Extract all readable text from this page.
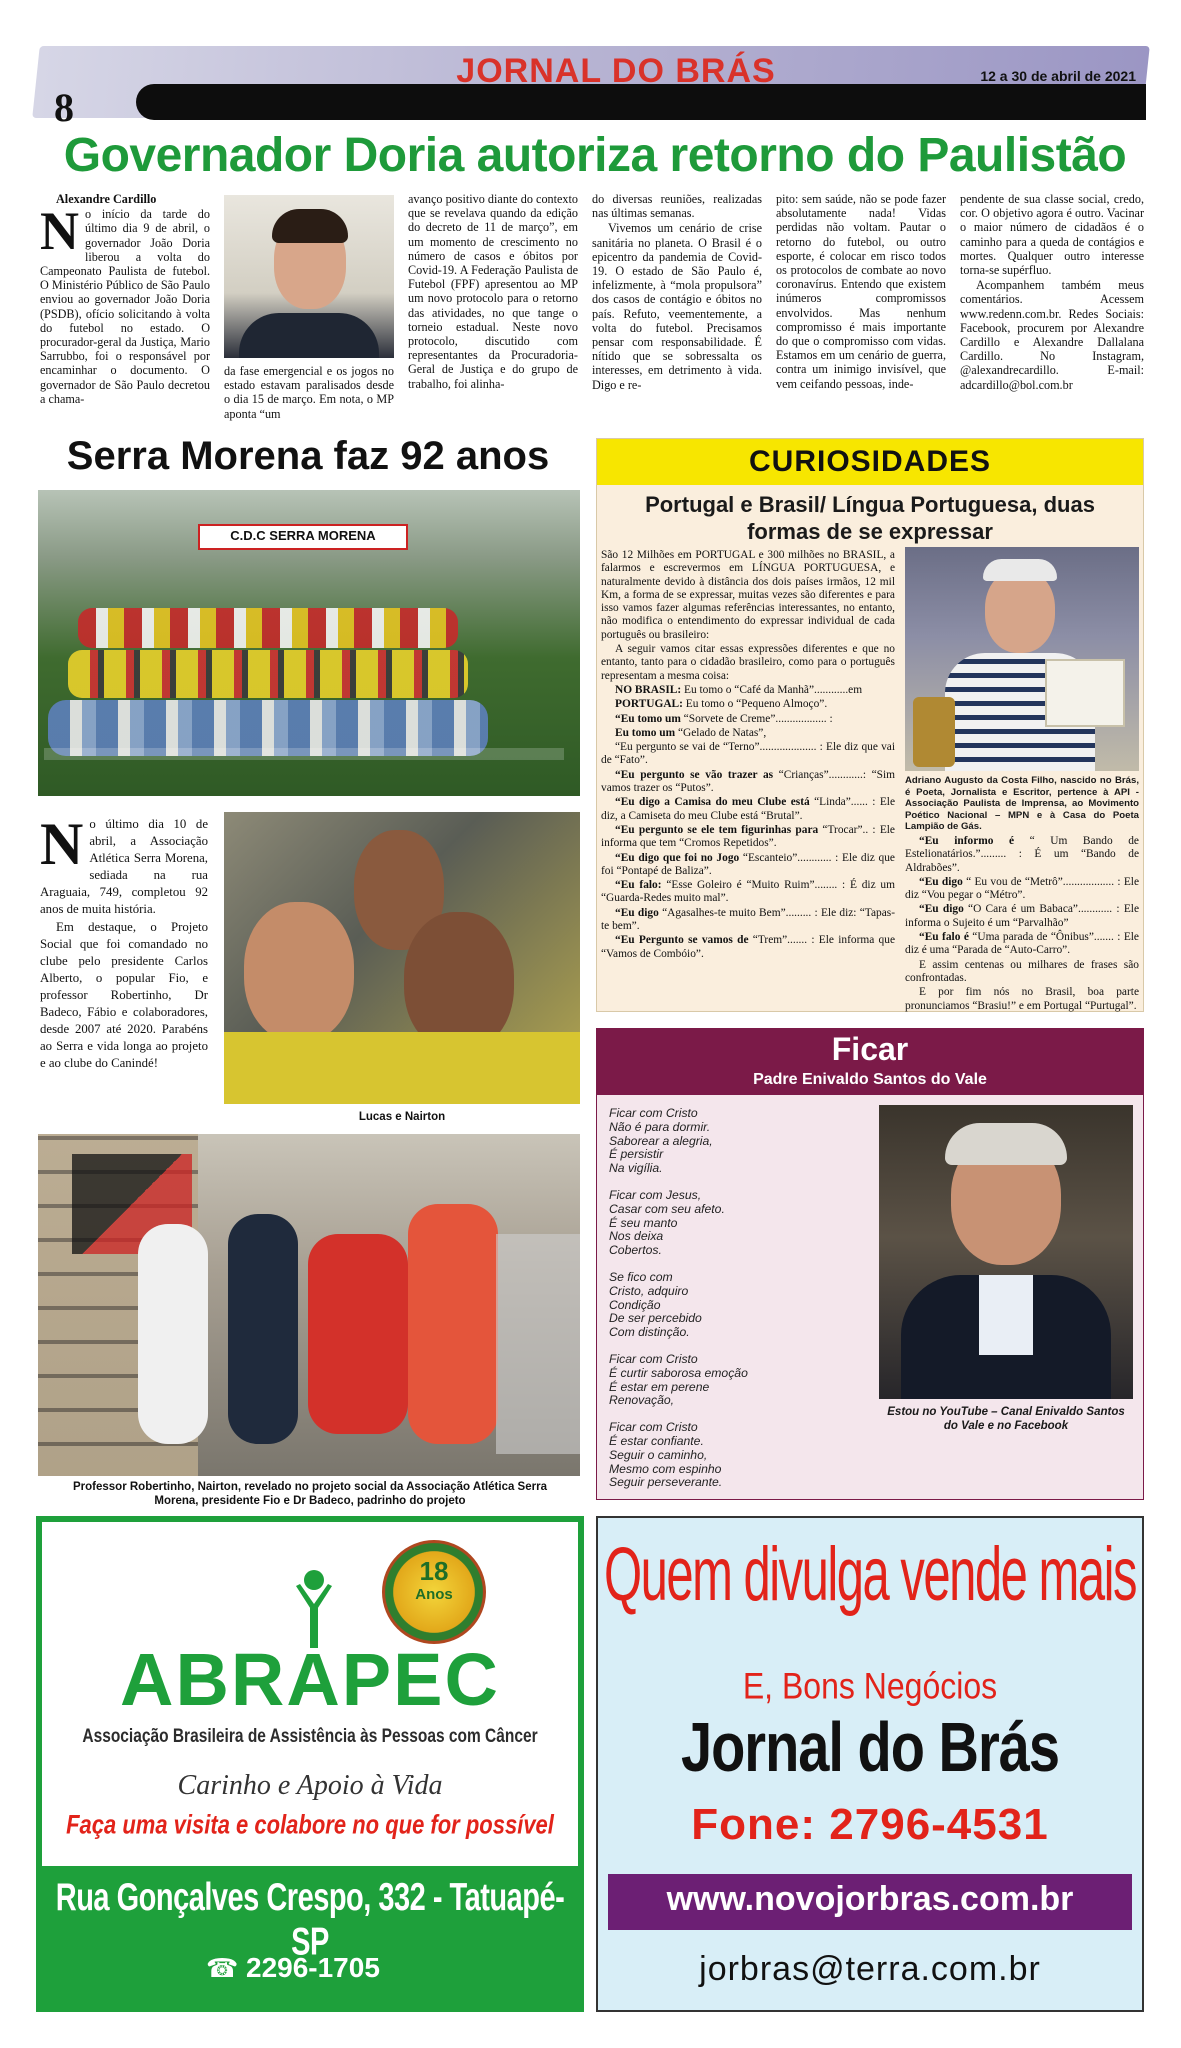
8
JORNAL DO BRÁS	12 a 30 de abril de 2021
Governador Doria autoriza retorno do Paulistão

Alexandre Cardillo

No início da tarde do último dia 9 de abril, o governador João Doria liberou a volta do Campeonato Paulista de futebol. O Ministério Público de São Paulo enviou ao governador João Doria (PSDB), ofício solicitando à volta do futebol no estado. O procurador-geral da Justiça, Mario Sarrubbo, foi o responsável por encaminhar o documento. O governador de São Paulo decretou a chama-

da fase emergencial e os jogos no estado estavam paralisados desde o dia 15 de março. Em nota, o MP aponta “um

avanço positivo diante do contexto que se revelava quando da edição do decreto de 11 de março”, em um momento de crescimento no número de casos e óbitos por Covid-19. A Federação Paulista de Futebol (FPF) apresentou ao MP um novo protocolo para o retorno das atividades, no que tange o torneio estadual. Neste novo protocolo, discutido com representantes da Procuradoria-Geral de Justiça e do grupo de trabalho, foi alinha-

do diversas reuniões, realizadas nas últimas semanas.

Vivemos um cenário de crise sanitária no planeta. O Brasil é o epicentro da pandemia de Covid-19. O estado de São Paulo é, infelizmente, à “mola propulsora” dos casos de contágio e óbitos no país. Refuto, veementemente, a volta do futebol. Precisamos pensar com responsabilidade. É nítido que se sobressalta os interesses, em detrimento à vida. Digo e re-

pito: sem saúde, não se pode fazer absolutamente nada! Vidas perdidas não voltam. Pautar o retorno do futebol, ou outro esporte, é colocar em risco todos os protocolos de combate ao novo coronavírus. Entendo que existem inúmeros compromissos envolvidos. Mas nenhum compromisso é mais importante do que o compromisso com vidas. Estamos em um cenário de guerra, contra um inimigo invisível, que vem ceifando pessoas, inde-

pendente de sua classe social, credo, cor. O objetivo agora é outro. Vacinar o maior número de cidadãos é o caminho para a queda de contágios e mortes. Qualquer outro interesse torna-se supérfluo.

Acompanhem também meus comentários. Acessem www.redenn.com.br. Redes Sociais: Facebook, procurem por Alexandre Cardillo e Alexandre Dallalana Cardillo. No Instagram, @alexandrecardillo. E-mail: adcardillo@bol.com.br

Serra Morena faz 92 anos
C.D.C SERRA MORENA

No último dia 10 de abril, a Associação Atlética Serra Morena, sediada na rua Araguaia, 749, completou 92 anos de muita história.

Em destaque, o Projeto Social que foi comandado no clube pelo presidente Carlos Alberto, o popular Fio, e professor Robertinho, Dr Badeco, Fábio e colaboradores, desde 2007 até 2020. Parabéns ao Serra e vida longa ao projeto e ao clube do Canindé!

Lucas e Nairton
Professor Robertinho, Nairton, revelado no projeto social da Associação Atlética Serra Morena, presidente Fio e Dr Badeco, padrinho do projeto
CURIOSIDADES
Portugal e Brasil/ Língua Portuguesa, duas formas de se expressar

São 12 Milhões em PORTUGAL e 300 milhões no BRASIL, a falarmos e escrevermos em LÍNGUA PORTUGUESA, e naturalmente devido à distância dos dois países irmãos, 12 mil Km, a forma de se expressar, muitas vezes são diferentes e para isso vamos fazer algumas referências interessantes, no entanto, não modifica o entendimento do expressar individual de cada português ou brasileiro:

A seguir vamos citar essas expressões diferentes e que no entanto, tanto para o cidadão brasileiro, como para o português representam a mesma coisa:

NO BRASIL: Eu tomo o “Café da Manhã”............em

PORTUGAL: Eu tomo o “Pequeno Almoço”.

“Eu tomo um “Sorvete de Creme”.................. :

Eu tomo um “Gelado de Natas”,

“Eu pergunto se vai de “Terno”.................... : Ele diz que vai de “Fato”.

“Eu pergunto se vão trazer as “Crianças”............: “Sim vamos trazer os “Putos”.

“Eu digo a Camisa do meu Clube está “Linda”...... : Ele diz, a Camiseta do meu Clube está “Brutal”.

“Eu pergunto se ele tem figurinhas para “Trocar”.. : Ele informa que tem “Cromos Repetidos”.

“Eu digo que foi no Jogo “Escanteio”............ : Ele diz que foi “Pontapé de Baliza”.

“Eu falo: “Esse Goleiro é “Muito Ruim”........ : É diz um “Guarda-Redes muito mal”.

“Eu digo “Agasalhes-te muito Bem”......... : Ele diz: “Tapas-te bem”.

“Eu Pergunto se vamos de “Trem”....... : Ele informa que “Vamos de Combóio”.

Adriano Augusto da Costa Filho, nascido no Brás, é Poeta, Jornalista e Escritor, pertence à API - Associação Paulista de Imprensa, ao Movimento Poético Nacional – MPN e à Casa do Poeta Lampião de Gás.

“Eu informo é “ Um Bando de Estelionatários.”......... : É um “Bando de Aldrabões”.

“Eu digo “ Eu vou de “Metrô”.................. : Ele diz “Vou pegar o “Métro”.

“Eu digo “O Cara é um Babaca”............ : Ele informa o Sujeito é um “Parvalhão”

“Eu falo é “Uma parada de “Ônibus”....... : Ele diz é uma “Parada de “Auto-Carro”.

E assim centenas ou milhares de frases são confrontadas.

E por fim nós no Brasil, boa parte pronunciamos “Brasiu!” e em Portugal “Purtugal”.

Ficar
Padre Enivaldo Santos do Vale

Ficar com Cristo
Não é para dormir.
Saborear a alegria,
É persistir
Na vigília.

Ficar com Jesus,
Casar com seu afeto.
É seu manto
Nos deixa
Cobertos.

Se fico com
Cristo, adquiro
Condição
De ser percebido
Com distinção.

Ficar com Cristo
É curtir saborosa emoção
É estar em perene
Renovação,

Ficar com Cristo
É estar confiante.
Seguir o caminho,
Mesmo com espinho
Seguir perseverante.

Estou no YouTube – Canal Enivaldo Santos do Vale e no Facebook
18
Anos
ABRAPEC
Associação Brasileira de Assistência às Pessoas com Câncer
Carinho e Apoio à Vida
Faça uma visita e colabore no que for possível
Rua Gonçalves Crespo, 332 - Tatuapé-SP
☎ 2296-1705
Quem divulga vende mais
E, Bons Negócios
Jornal do Brás
Fone: 2796-4531
www.novojorbras.com.br
jorbras@terra.com.br
